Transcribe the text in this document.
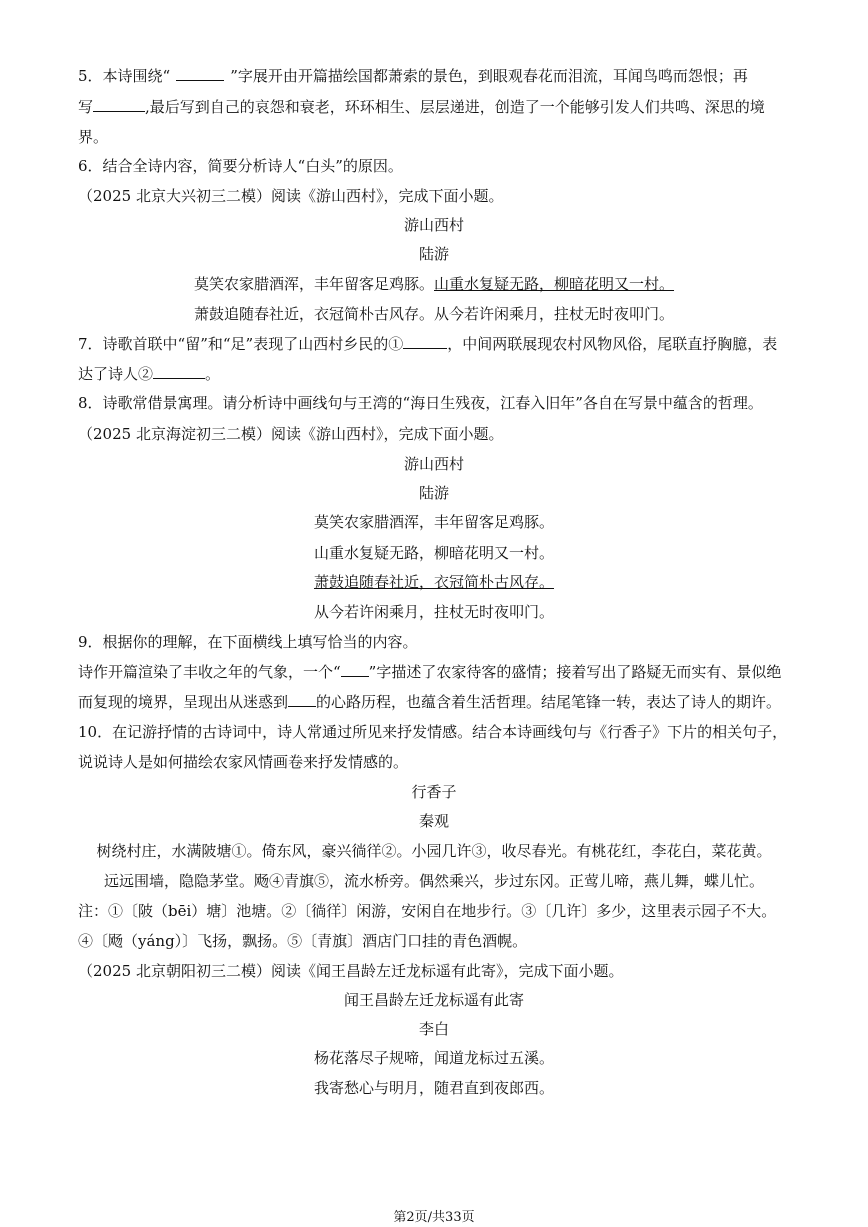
5．本诗围绕“	”字展开由开篇描绘国都萧索的景色，到眼观春花而泪流，耳闻鸟鸣而怨恨；再
写	,最后写到自己的哀怨和衰老，环环相生、层层递进，创造了一个能够引发人们共鸣、深思的境
界。
6．结合全诗内容，简要分析诗人“白头”的原因。
（2025 北京大兴初三二模）阅读《游山西村》，完成下面小题。
游山西村
陆游
莫笑农家腊酒浑，丰年留客足鸡豚。山重水复疑无路，柳暗花明又一村。
萧鼓追随春社近，衣冠简朴古风存。从今若许闲乘月，拄杖无时夜叩门。
7．诗歌首联中“留”和“足”表现了山西村乡民的①	，中间两联展现农村风物风俗，尾联直抒胸臆，表
达了诗人②	。
8．诗歌常借景寓理。请分析诗中画线句与王湾的“海日生残夜，江春入旧年”各自在写景中蕴含的哲理。
（2025 北京海淀初三二模）阅读《游山西村》，完成下面小题。
游山西村
陆游
莫笑农家腊酒浑，丰年留客足鸡豚。
山重水复疑无路，柳暗花明又一村。
萧鼓追随春社近，衣冠简朴古风存。
从今若许闲乘月，拄杖无时夜叩门。
9．根据你的理解，在下面横线上填写恰当的内容。
诗作开篇渲染了丰收之年的气象，一个“ ”字描述了农家待客的盛情；接着写出了路疑无而实有、景似绝
而复现的境界，呈现出从迷惑到 的心路历程，也蕴含着生活哲理。结尾笔锋一转，表达了诗人的期许。
10．在记游抒情的古诗词中，诗人常通过所见来抒发情感。结合本诗画线句与《行香子》下片的相关句子，
说说诗人是如何描绘农家风情画卷来抒发情感的。
行香子
秦观
树绕村庄，水满陂塘①。倚东风，豪兴徜徉②。小园几许③，收尽春光。有桃花红，李花白，菜花黄。
远远围墙，隐隐茅堂。飏④青旗⑤，流水桥旁。偶然乘兴，步过东冈。正莺儿啼，燕儿舞，蝶儿忙。
注：①〔陂（bēi）塘〕池塘。②〔徜徉〕闲游，安闲自在地步行。③〔几许〕多少，这里表示园子不大。
④〔飏（yáng）〕飞扬，飘扬。⑤〔青旗〕酒店门口挂的青色酒幌。
（2025 北京朝阳初三二模）阅读《闻王昌龄左迁龙标遥有此寄》，完成下面小题。
闻王昌龄左迁龙标遥有此寄
李白
杨花落尽子规啼，闻道龙标过五溪。
我寄愁心与明月，随君直到夜郎西。
第2页/共33页
